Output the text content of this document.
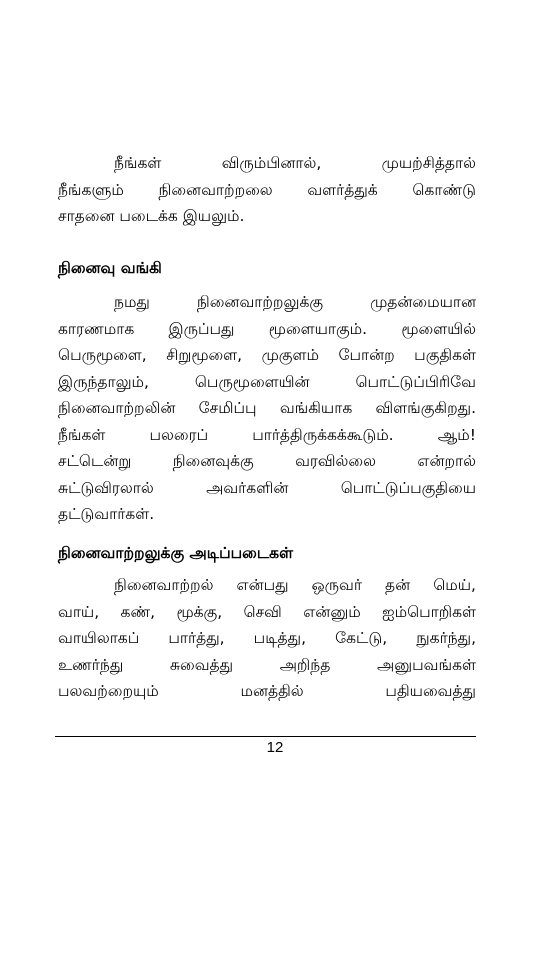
நீங்கள் விரும்பினால், முயற்சித்தால்
நீங்களும் நினைவாற்றலை வளர்த்துக் கொண்டு
சாதனை படைக்க இயலும்.
நினைவு வங்கி
நமது நினைவாற்றலுக்கு முதன்மையான
காரணமாக இருப்பது மூளையாகும். மூளையில்
பெருமூளை, சிறுமூளை, முகுளம் போன்ற பகுதிகள்
இருந்தாலும், பெருமூளையின் பொட்டுப்பிரிவே
நினைவாற்றலின் சேமிப்பு வங்கியாக விளங்குகிறது.
நீங்கள் பலரைப் பார்த்திருக்கக்கூடும். ஆம்!
சட்டென்று நினைவுக்கு வரவில்லை என்றால்
சுட்டுவிரலால் அவர்களின் பொட்டுப்பகுதியை
தட்டுவார்கள்.
நினைவாற்றலுக்கு அடிப்படைகள்
நினைவாற்றல் என்பது ஒருவர் தன் மெய்,
வாய், கண், மூக்கு, செவி என்னும் ஐம்பொறிகள்
வாயிலாகப் பார்த்து, படித்து, கேட்டு, நுகர்ந்து,
உணர்ந்து சுவைத்து அறிந்த அனுபவங்கள்
பலவற்றையும் மனத்தில் பதியவைத்து
12
